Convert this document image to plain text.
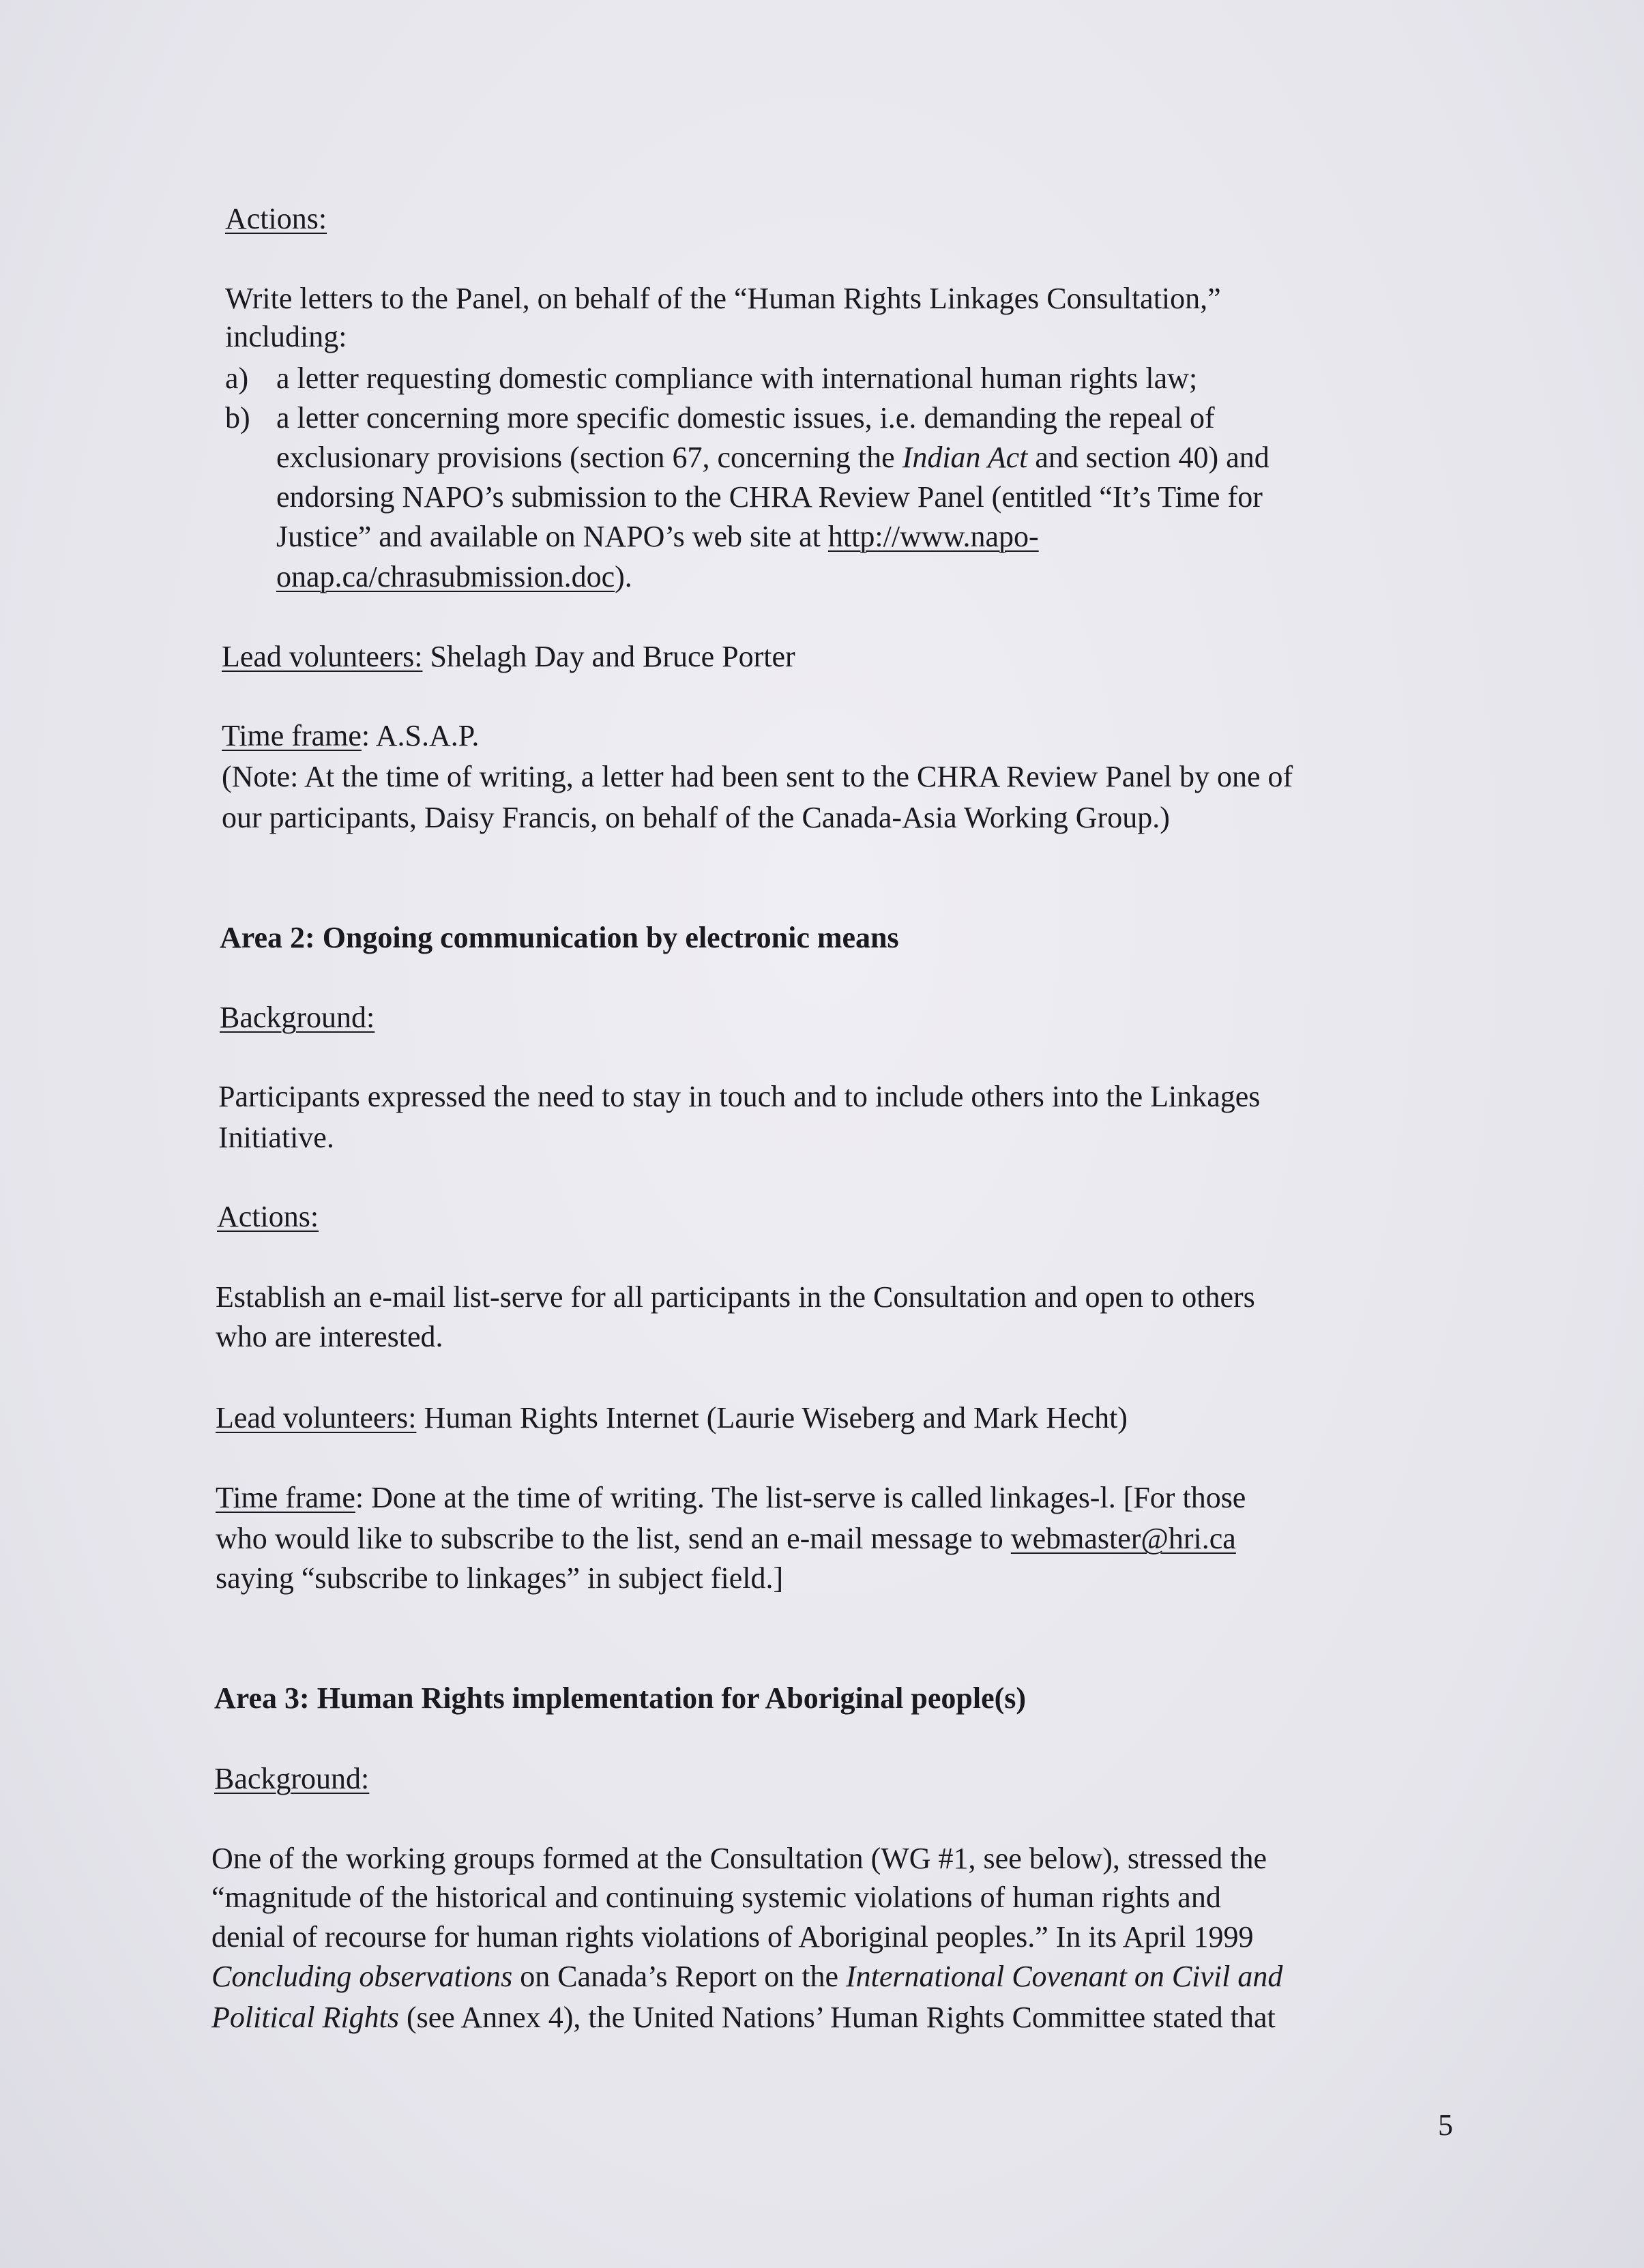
Actions:
Write letters to the Panel, on behalf of the “Human Rights Linkages Consultation,”
including:
a) a letter requesting domestic compliance with international human rights law;
b) a letter concerning more specific domestic issues, i.e. demanding the repeal of
exclusionary provisions (section 67, concerning the Indian Act and section 40) and
endorsing NAPO’s submission to the CHRA Review Panel (entitled “It’s Time for
Justice” and available on NAPO’s web site at http://www.napo-
onap.ca/chrasubmission.doc).
Lead volunteers: Shelagh Day and Bruce Porter
Time frame: A.S.A.P.
(Note: At the time of writing, a letter had been sent to the CHRA Review Panel by one of
our participants, Daisy Francis, on behalf of the Canada-Asia Working Group.)
Area 2: Ongoing communication by electronic means
Background:
Participants expressed the need to stay in touch and to include others into the Linkages
Initiative.
Actions:
Establish an e-mail list-serve for all participants in the Consultation and open to others
who are interested.
Lead volunteers: Human Rights Internet (Laurie Wiseberg and Mark Hecht)
Time frame: Done at the time of writing. The list-serve is called linkages-l. [For those
who would like to subscribe to the list, send an e-mail message to webmaster@hri.ca
saying “subscribe to linkages” in subject field.]
Area 3: Human Rights implementation for Aboriginal people(s)
Background:
One of the working groups formed at the Consultation (WG #1, see below), stressed the
“magnitude of the historical and continuing systemic violations of human rights and
denial of recourse for human rights violations of Aboriginal peoples.” In its April 1999
Concluding observations on Canada’s Report on the International Covenant on Civil and
Political Rights (see Annex 4), the United Nations’ Human Rights Committee stated that
5
